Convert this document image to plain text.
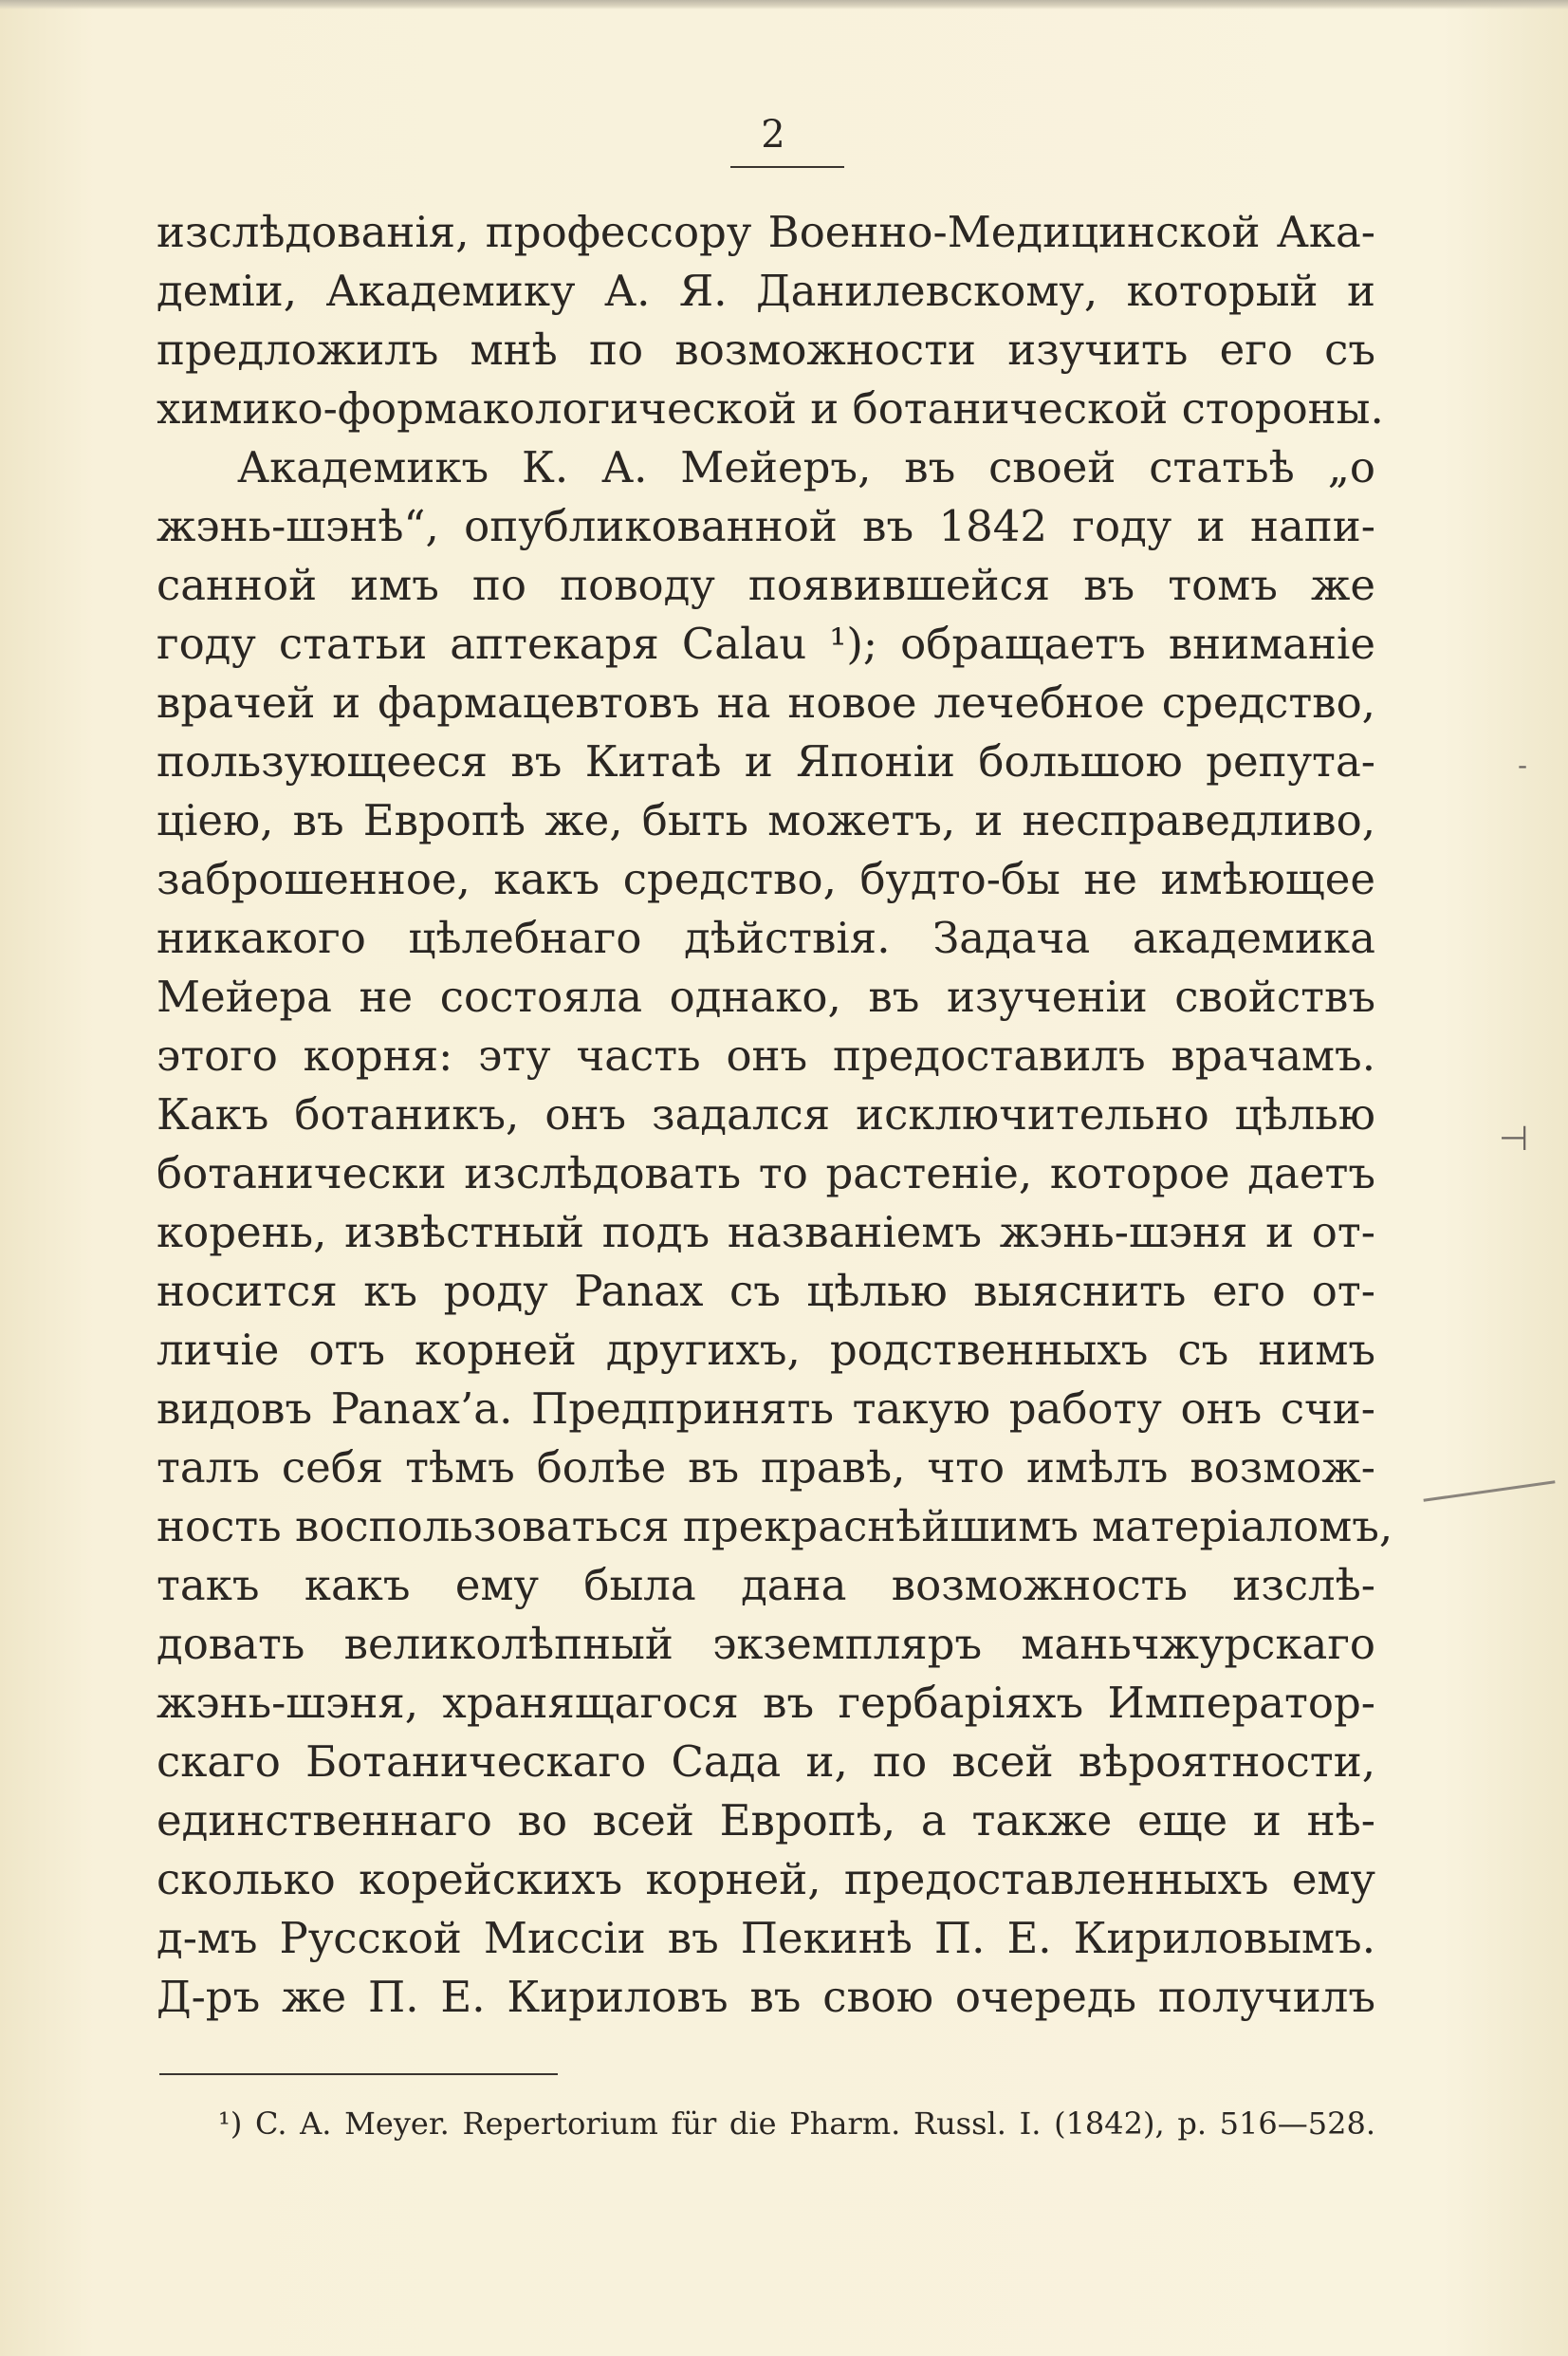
2
изслѣдованія, профессору Военно-Медицинской Ака-
деміи, Академику А. Я. Данилевскому, который и
предложилъ мнѣ по возможности изучить его съ
химико-формакологической и ботанической стороны.
Академикъ К. А. Мейеръ, въ своей статьѣ „о
жэнь-шэнѣ“, опубликованной въ 1842 году и напи-
санной имъ по поводу появившейся въ томъ же
году статьи аптекаря Calau ¹); обращаетъ вниманіе
врачей и фармацевтовъ на новое лечебное средство,
пользующееся въ Китаѣ и Японіи большою репута-
ціею, въ Европѣ же, быть можетъ, и несправедливо,
заброшенное, какъ средство, будто-бы не имѣющее
никакого цѣлебнаго дѣйствія. Задача академика
Мейера не состояла однако, въ изученіи свойствъ
этого корня: эту часть онъ предоставилъ врачамъ.
Какъ ботаникъ, онъ задался исключительно цѣлью
ботанически изслѣдовать то растеніе, которое даетъ
корень, извѣстный подъ названіемъ жэнь-шэня и от-
носится къ роду Panax съ цѣлью выяснить его от-
личіе отъ корней другихъ, родственныхъ съ нимъ
видовъ Panax’а. Предпринять такую работу онъ счи-
талъ себя тѣмъ болѣе въ правѣ, что имѣлъ возмож-
ность воспользоваться прекраснѣйшимъ матеріаломъ,
такъ какъ ему была дана возможность изслѣ-
довать великолѣпный экземпляръ маньчжурскаго
жэнь-шэня, хранящагося въ гербаріяхъ Император-
скаго Ботаническаго Сада и, по всей вѣроятности,
единственнаго во всей Европѣ, а также еще и нѣ-
сколько корейскихъ корней, предоставленныхъ ему
д-мъ Русской Миссіи въ Пекинѣ П. Е. Кириловымъ.
Д-ръ же П. Е. Кириловъ въ свою очередь получилъ
¹) C. A. Meyer. Repertorium für die Pharm. Russl. I. (1842), p. 516—528.
-
⊣
